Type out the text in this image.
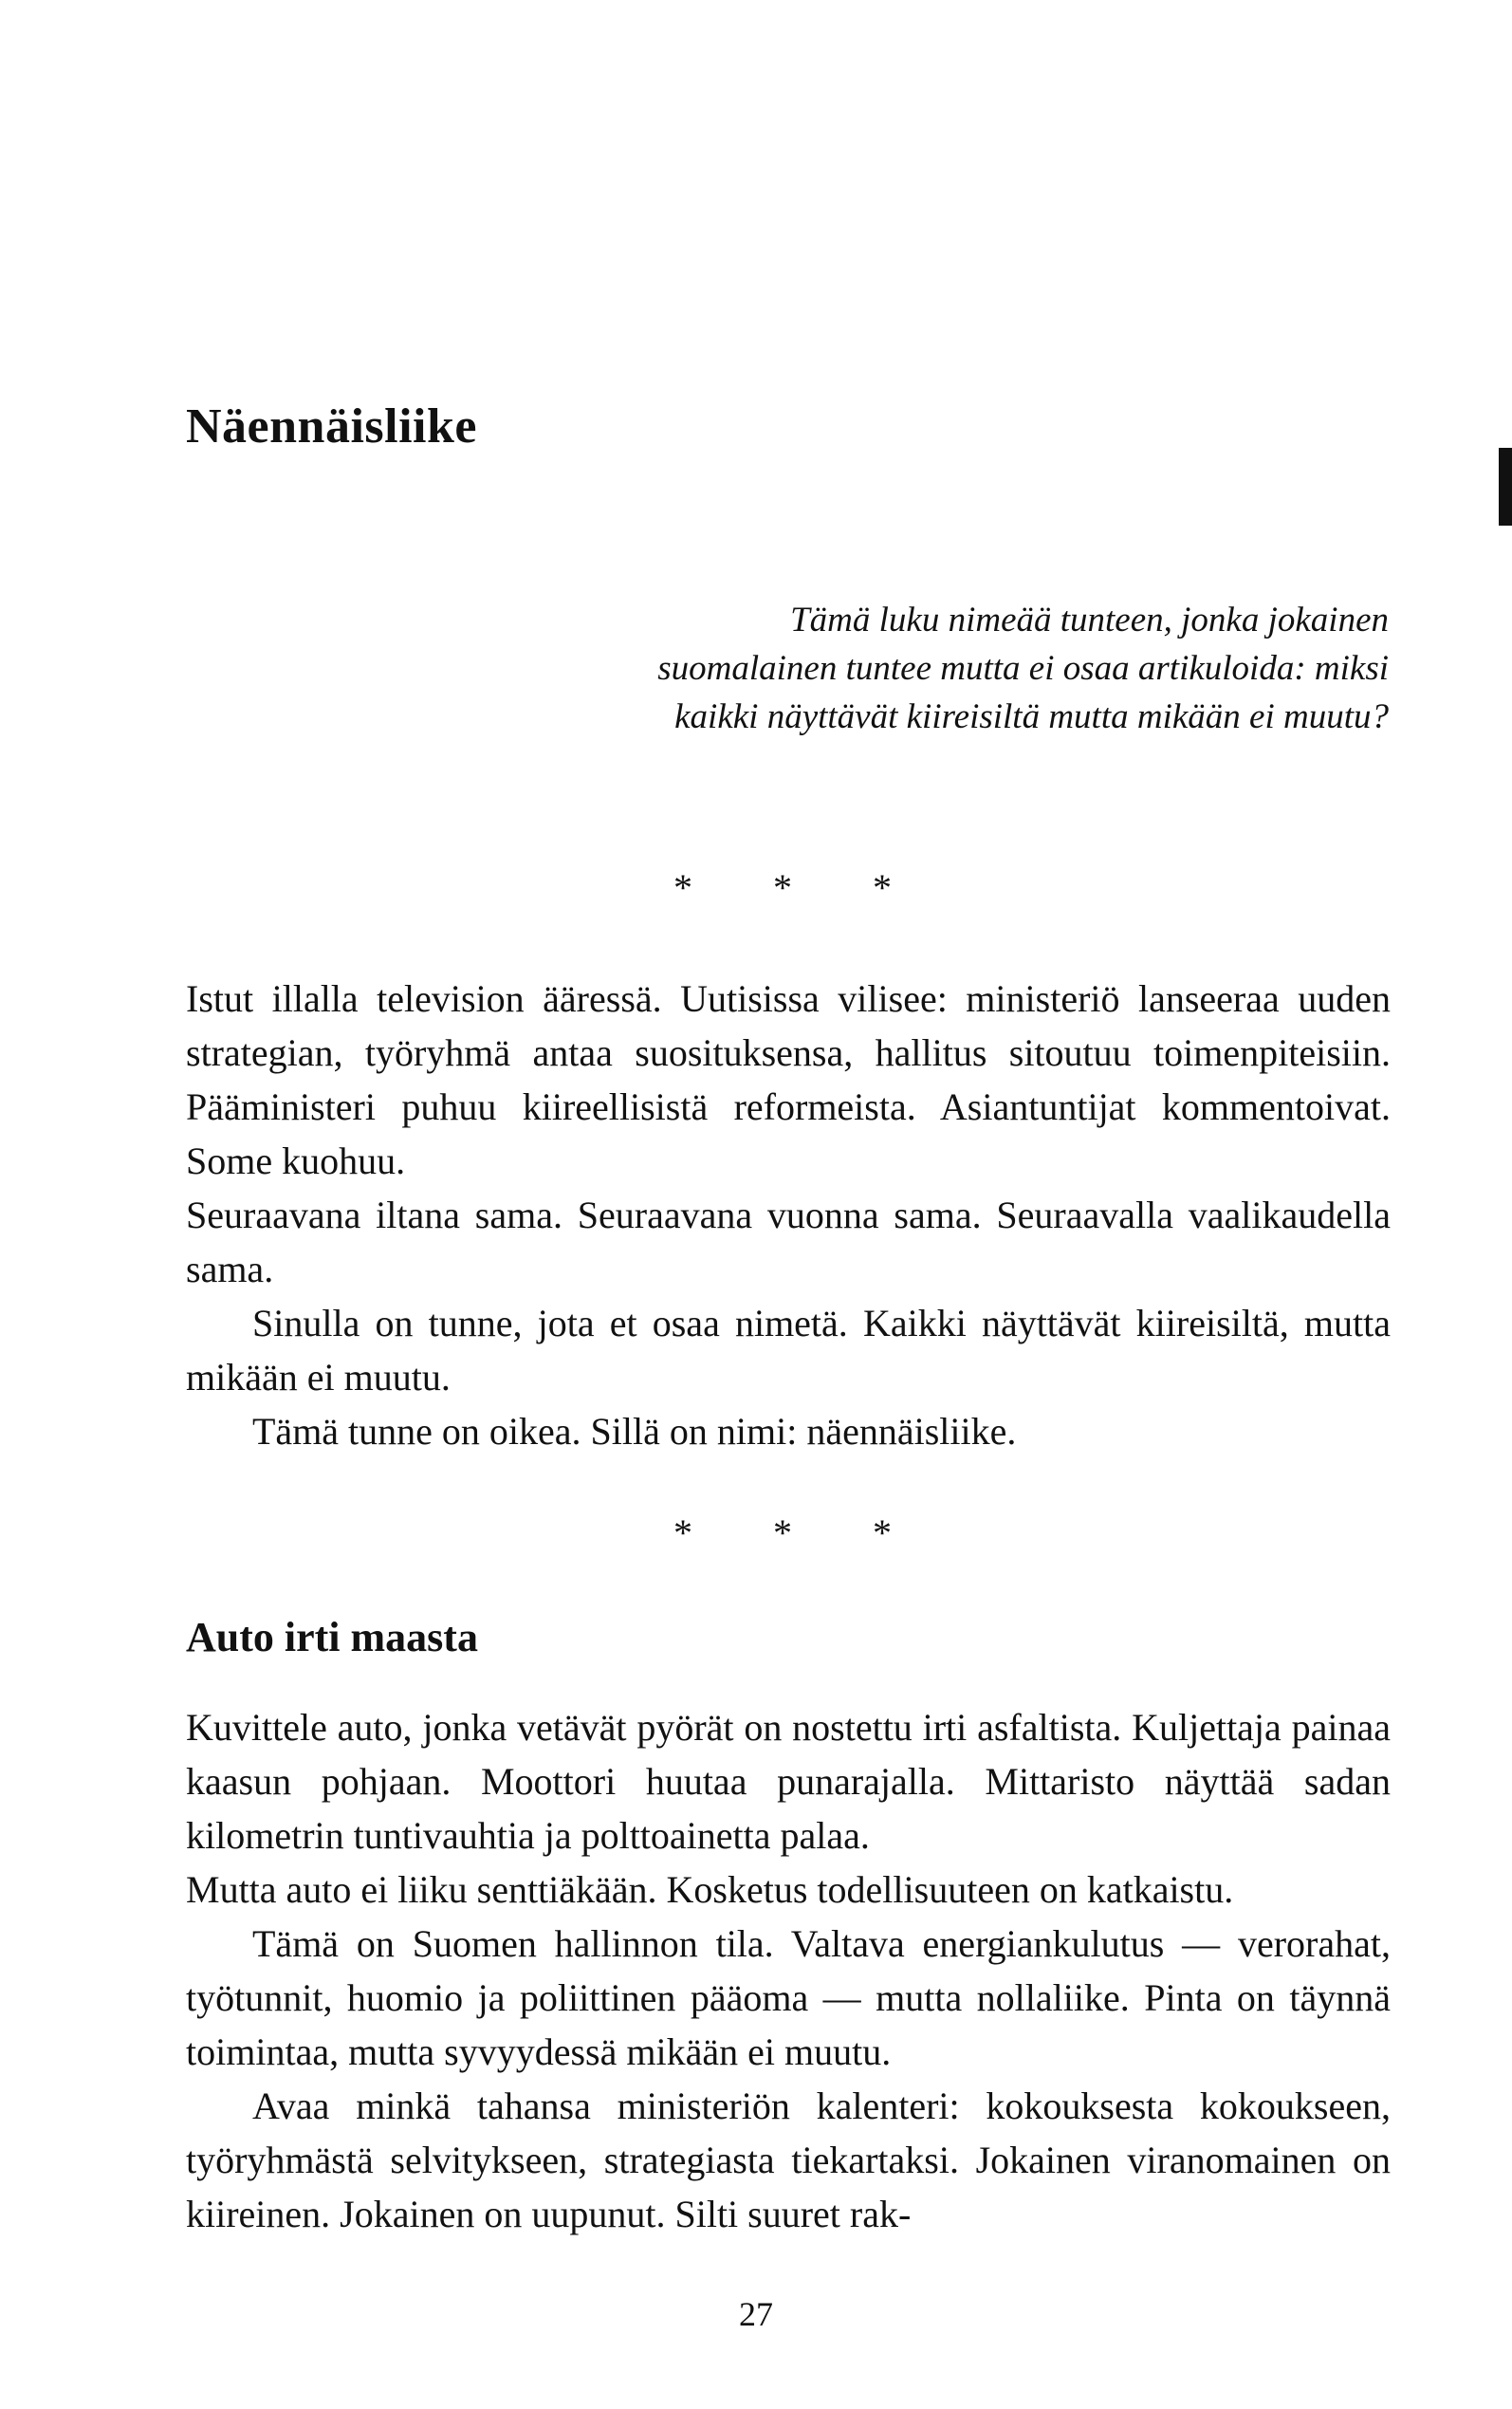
Näennäisliike
Tämä luku nimeää tunteen, jonka jokainen
suomalainen tuntee mutta ei osaa artikuloida: miksi
kaikki näyttävät kiireisiltä mutta mikään ei muutu?
* * *

Istut illalla television ääressä. Uutisissa vilisee: ministeriö lanseeraa uuden strategian, työryhmä antaa suosituksensa, hallitus sitoutuu toimenpiteisiin. Pääministeri puhuu kiireellisistä reformeista. Asiantuntijat kommentoivat. Some kuohuu.

Seuraavana iltana sama. Seuraavana vuonna sama. Seuraavalla vaalikaudella sama.

Sinulla on tunne, jota et osaa nimetä. Kaikki näyttävät kiireisiltä, mutta mikään ei muutu.

Tämä tunne on oikea. Sillä on nimi: näennäisliike.

* * *
Auto irti maasta

Kuvittele auto, jonka vetävät pyörät on nostettu irti asfaltista. Kuljettaja painaa kaasun pohjaan. Moottori huutaa punarajalla. Mittaristo näyttää sadan kilometrin tuntivauhtia ja polttoainetta palaa.

Mutta auto ei liiku senttiäkään. Kosketus todellisuuteen on katkaistu.

Tämä on Suomen hallinnon tila. Valtava energiankulutus — verorahat, työtunnit, huomio ja poliittinen pääoma — mutta nollaliike. Pinta on täynnä toimintaa, mutta syvyydessä mikään ei muutu.

Avaa minkä tahansa ministeriön kalenteri: kokouksesta kokoukseen, työryhmästä selvitykseen, strategiasta tiekartaksi. Jokainen viranomainen on kiireinen. Jokainen on uupunut. Silti suuret rak-

27
